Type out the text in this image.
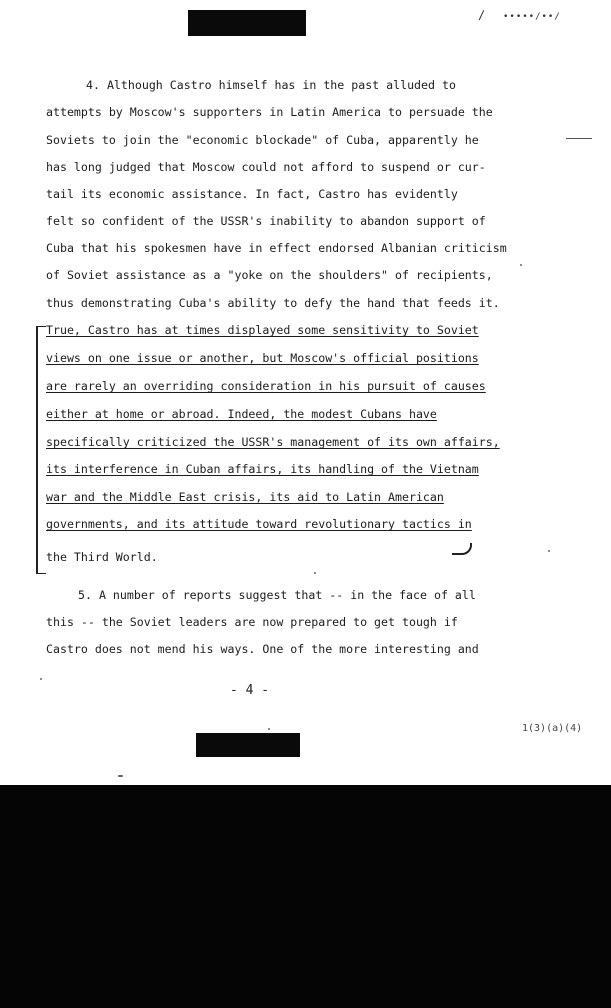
∕ •••••/••/
4. Although Castro himself has in the past alluded to
attempts by Moscow's supporters in Latin America to persuade the
Soviets to join the "economic blockade" of Cuba, apparently he
has long judged that Moscow could not afford to suspend or cur-
tail its economic assistance. In fact, Castro has evidently
felt so confident of the USSR's inability to abandon support of
Cuba that his spokesmen have in effect endorsed Albanian criticism
of Soviet assistance as a "yoke on the shoulders" of recipients,
thus demonstrating Cuba's ability to defy the hand that feeds it.
True, Castro has at times displayed some sensitivity to Soviet
views on one issue or another, but Moscow's official positions
are rarely an overriding consideration in his pursuit of causes
either at home or abroad. Indeed, the modest Cubans have
specifically criticized the USSR's management of its own affairs,
its interference in Cuban affairs, its handling of the Vietnam
war and the Middle East crisis, its aid to Latin American
governments, and its attitude toward revolutionary tactics in
the Third World.
5. A number of reports suggest that -- in the face of all
this -- the Soviet leaders are now prepared to get tough if
Castro does not mend his ways. One of the more interesting and
- 4 -
1(3)(a)(4)
